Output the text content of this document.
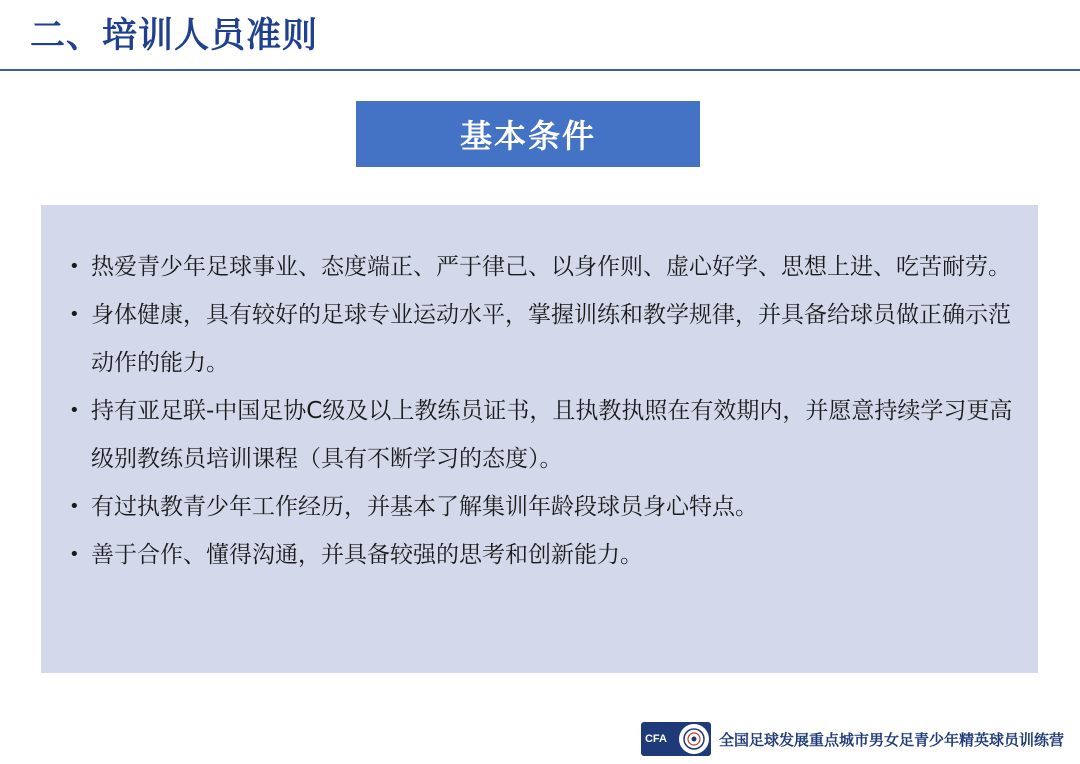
二、培训人员准则
基本条件
• 热爱青少年足球事业、态度端正、严于律己、以身作则、虚心好学、思想上进、吃苦耐劳。
• 身体健康，具有较好的足球专业运动水平，掌握训练和教学规律，并具备给球员做正确示范动作的能力。
• 持有亚足联-中国足协C级及以上教练员证书，且执教执照在有效期内，并愿意持续学习更高级别教练员培训课程（具有不断学习的态度）。
• 有过执教青少年工作经历，并基本了解集训年龄段球员身心特点。
• 善于合作、懂得沟通，并具备较强的思考和创新能力。
CFA	全国足球发展重点城市男女足青少年精英球员训练营
